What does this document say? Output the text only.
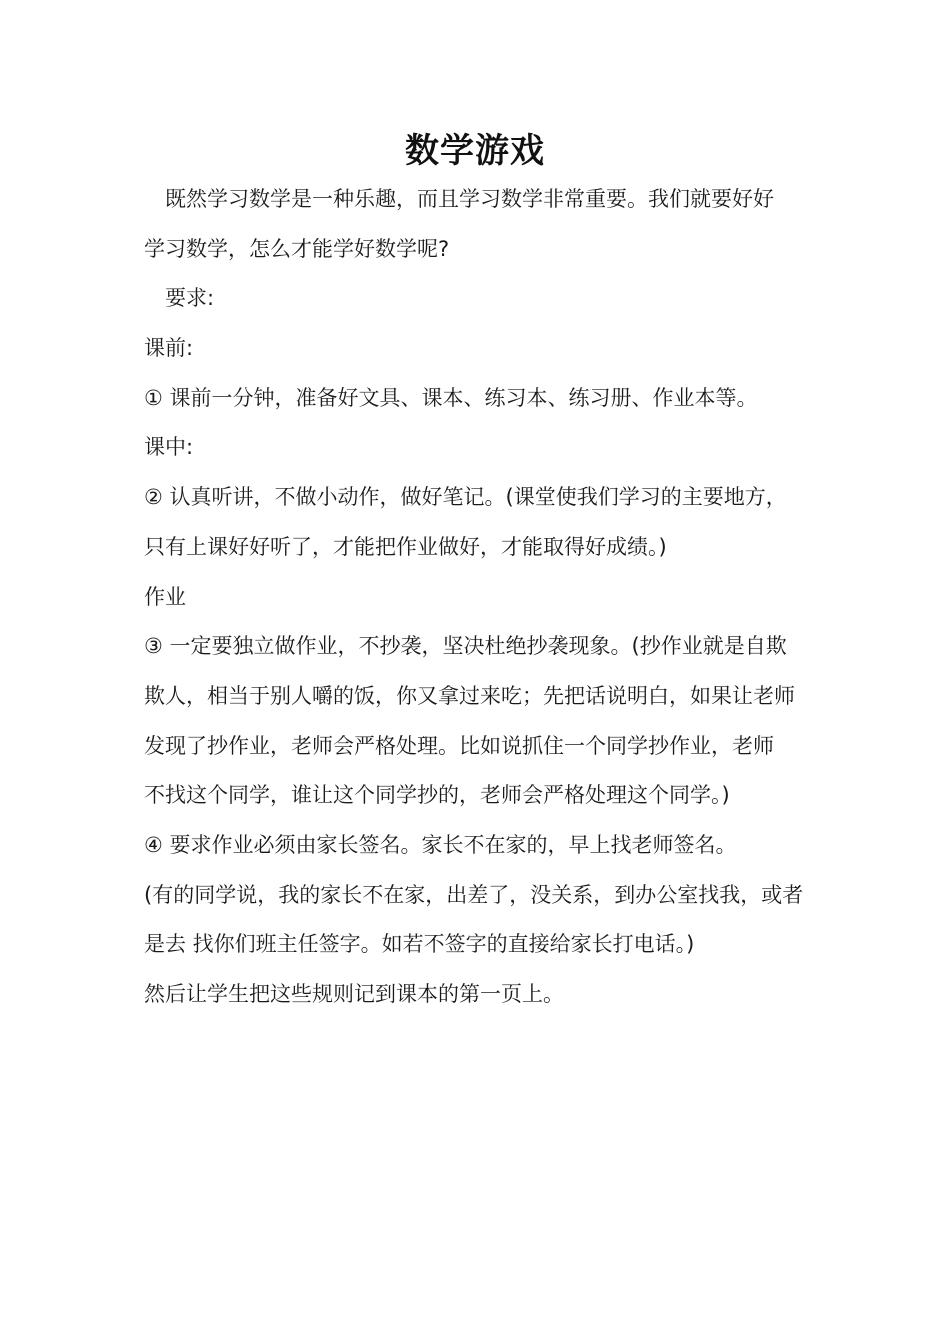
数学游戏
既然学习数学是一种乐趣，而且学习数学非常重要。我们就要好好
学习数学，怎么才能学好数学呢?
要求:
课前:
① 课前一分钟，准备好文具、课本、练习本、练习册、作业本等。
课中:
② 认真听讲，不做小动作，做好笔记。(课堂使我们学习的主要地方，
只有上课好好听了，才能把作业做好，才能取得好成绩。)
作业
③ 一定要独立做作业，不抄袭，坚决杜绝抄袭现象。(抄作业就是自欺
欺人，相当于别人嚼的饭，你又拿过来吃；先把话说明白，如果让老师
发现了抄作业，老师会严格处理。比如说抓住一个同学抄作业，老师
不找这个同学，谁让这个同学抄的，老师会严格处理这个同学。)
④ 要求作业必须由家长签名。家长不在家的，早上找老师签名。
(有的同学说，我的家长不在家，出差了，没关系，到办公室找我，或者
是去 找你们班主任签字。如若不签字的直接给家长打电话。)
然后让学生把这些规则记到课本的第一页上。
